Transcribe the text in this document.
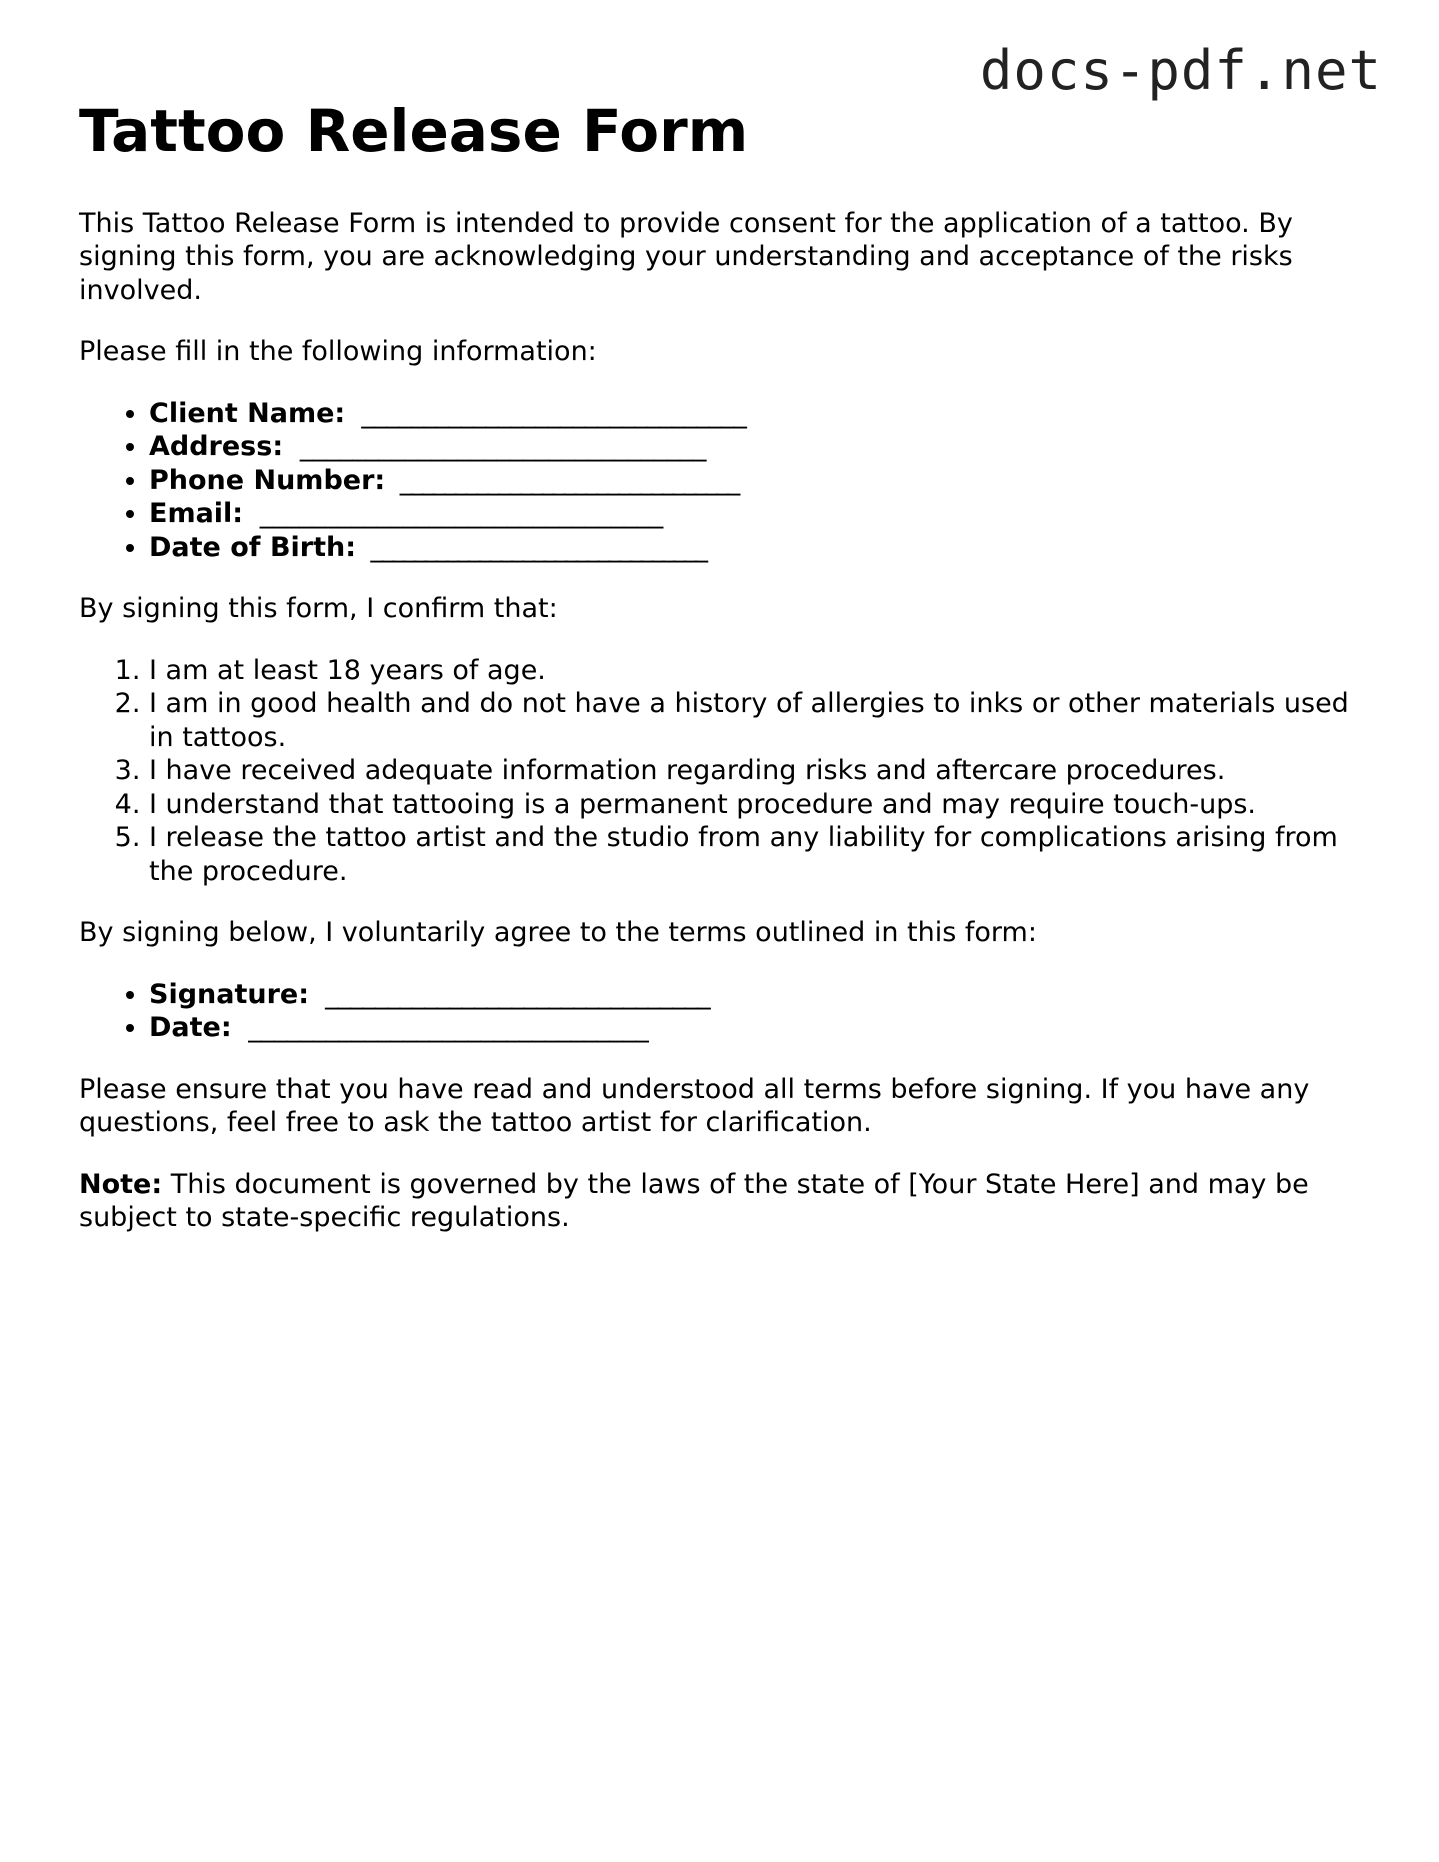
docs-pdf.net
Tattoo Release Form

This Tattoo Release Form is intended to provide consent for the application of a tattoo. By signing this form, you are acknowledging your understanding and acceptance of the risks involved.

Please fill in the following information:

• Client Name: _______________________________
• Address: _______________________________
• Phone Number: _______________________________
• Email: _______________________________
• Date of Birth: _______________________________

By signing this form, I confirm that:

1. I am at least 18 years of age.
2. I am in good health and do not have a history of allergies to inks or other materials used in tattoos.
3. I have received adequate information regarding risks and aftercare procedures.
4. I understand that tattooing is a permanent procedure and may require touch-ups.
5. I release the tattoo artist and the studio from any liability for complications arising from the procedure.

By signing below, I voluntarily agree to the terms outlined in this form:

• Signature: _______________________________
• Date: _______________________________

Please ensure that you have read and understood all terms before signing. If you have any questions, feel free to ask the tattoo artist for clarification.

Note: This document is governed by the laws of the state of [Your State Here] and may be subject to state-specific regulations.
